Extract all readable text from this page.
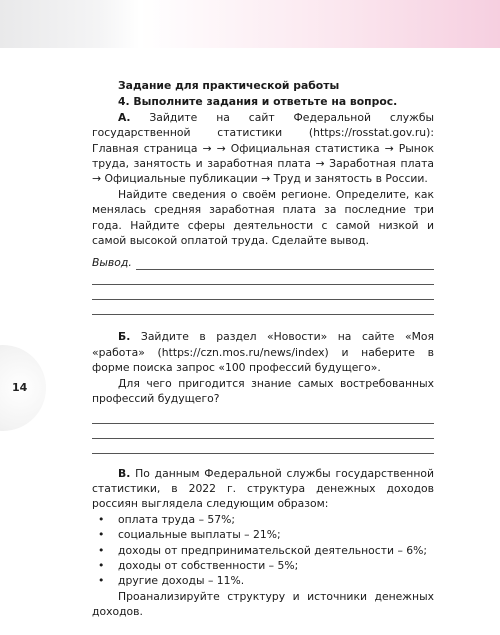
14

Задание для практической работы

4. Выполните задания и ответьте на вопрос.

А. Зайдите на сайт Федеральной службы государственной статистики (https://rosstat.gov.ru): Главная страница → → Официальная статистика → Рынок труда, занятость и заработная плата → Заработная плата → Официальные публикации → Труд и занятость в России.

Найдите сведения о своём регионе. Определите, как менялась средняя заработная плата за последние три года. Найдите сферы деятельности с самой низкой и самой высокой оплатой труда. Сделайте вывод.

Вывод.

Б. Зайдите в раздел «Новости» на сайте «Моя «работа» (https://czn.mos.ru/news/index) и наберите в форме поиска запрос «100 профессий будущего».

Для чего пригодится знание самых востребованных профессий будущего?

В. По данным Федеральной службы государственной статистики, в 2022 г. структура денежных доходов россиян выглядела следующим образом:

• оплата труда – 57%;
• социальные выплаты – 21%;
• доходы от предпринимательской деятельности – 6%;
• доходы от собственности – 5%;
• другие доходы – 11%.

Проанализируйте структуру и источники денежных доходов.
